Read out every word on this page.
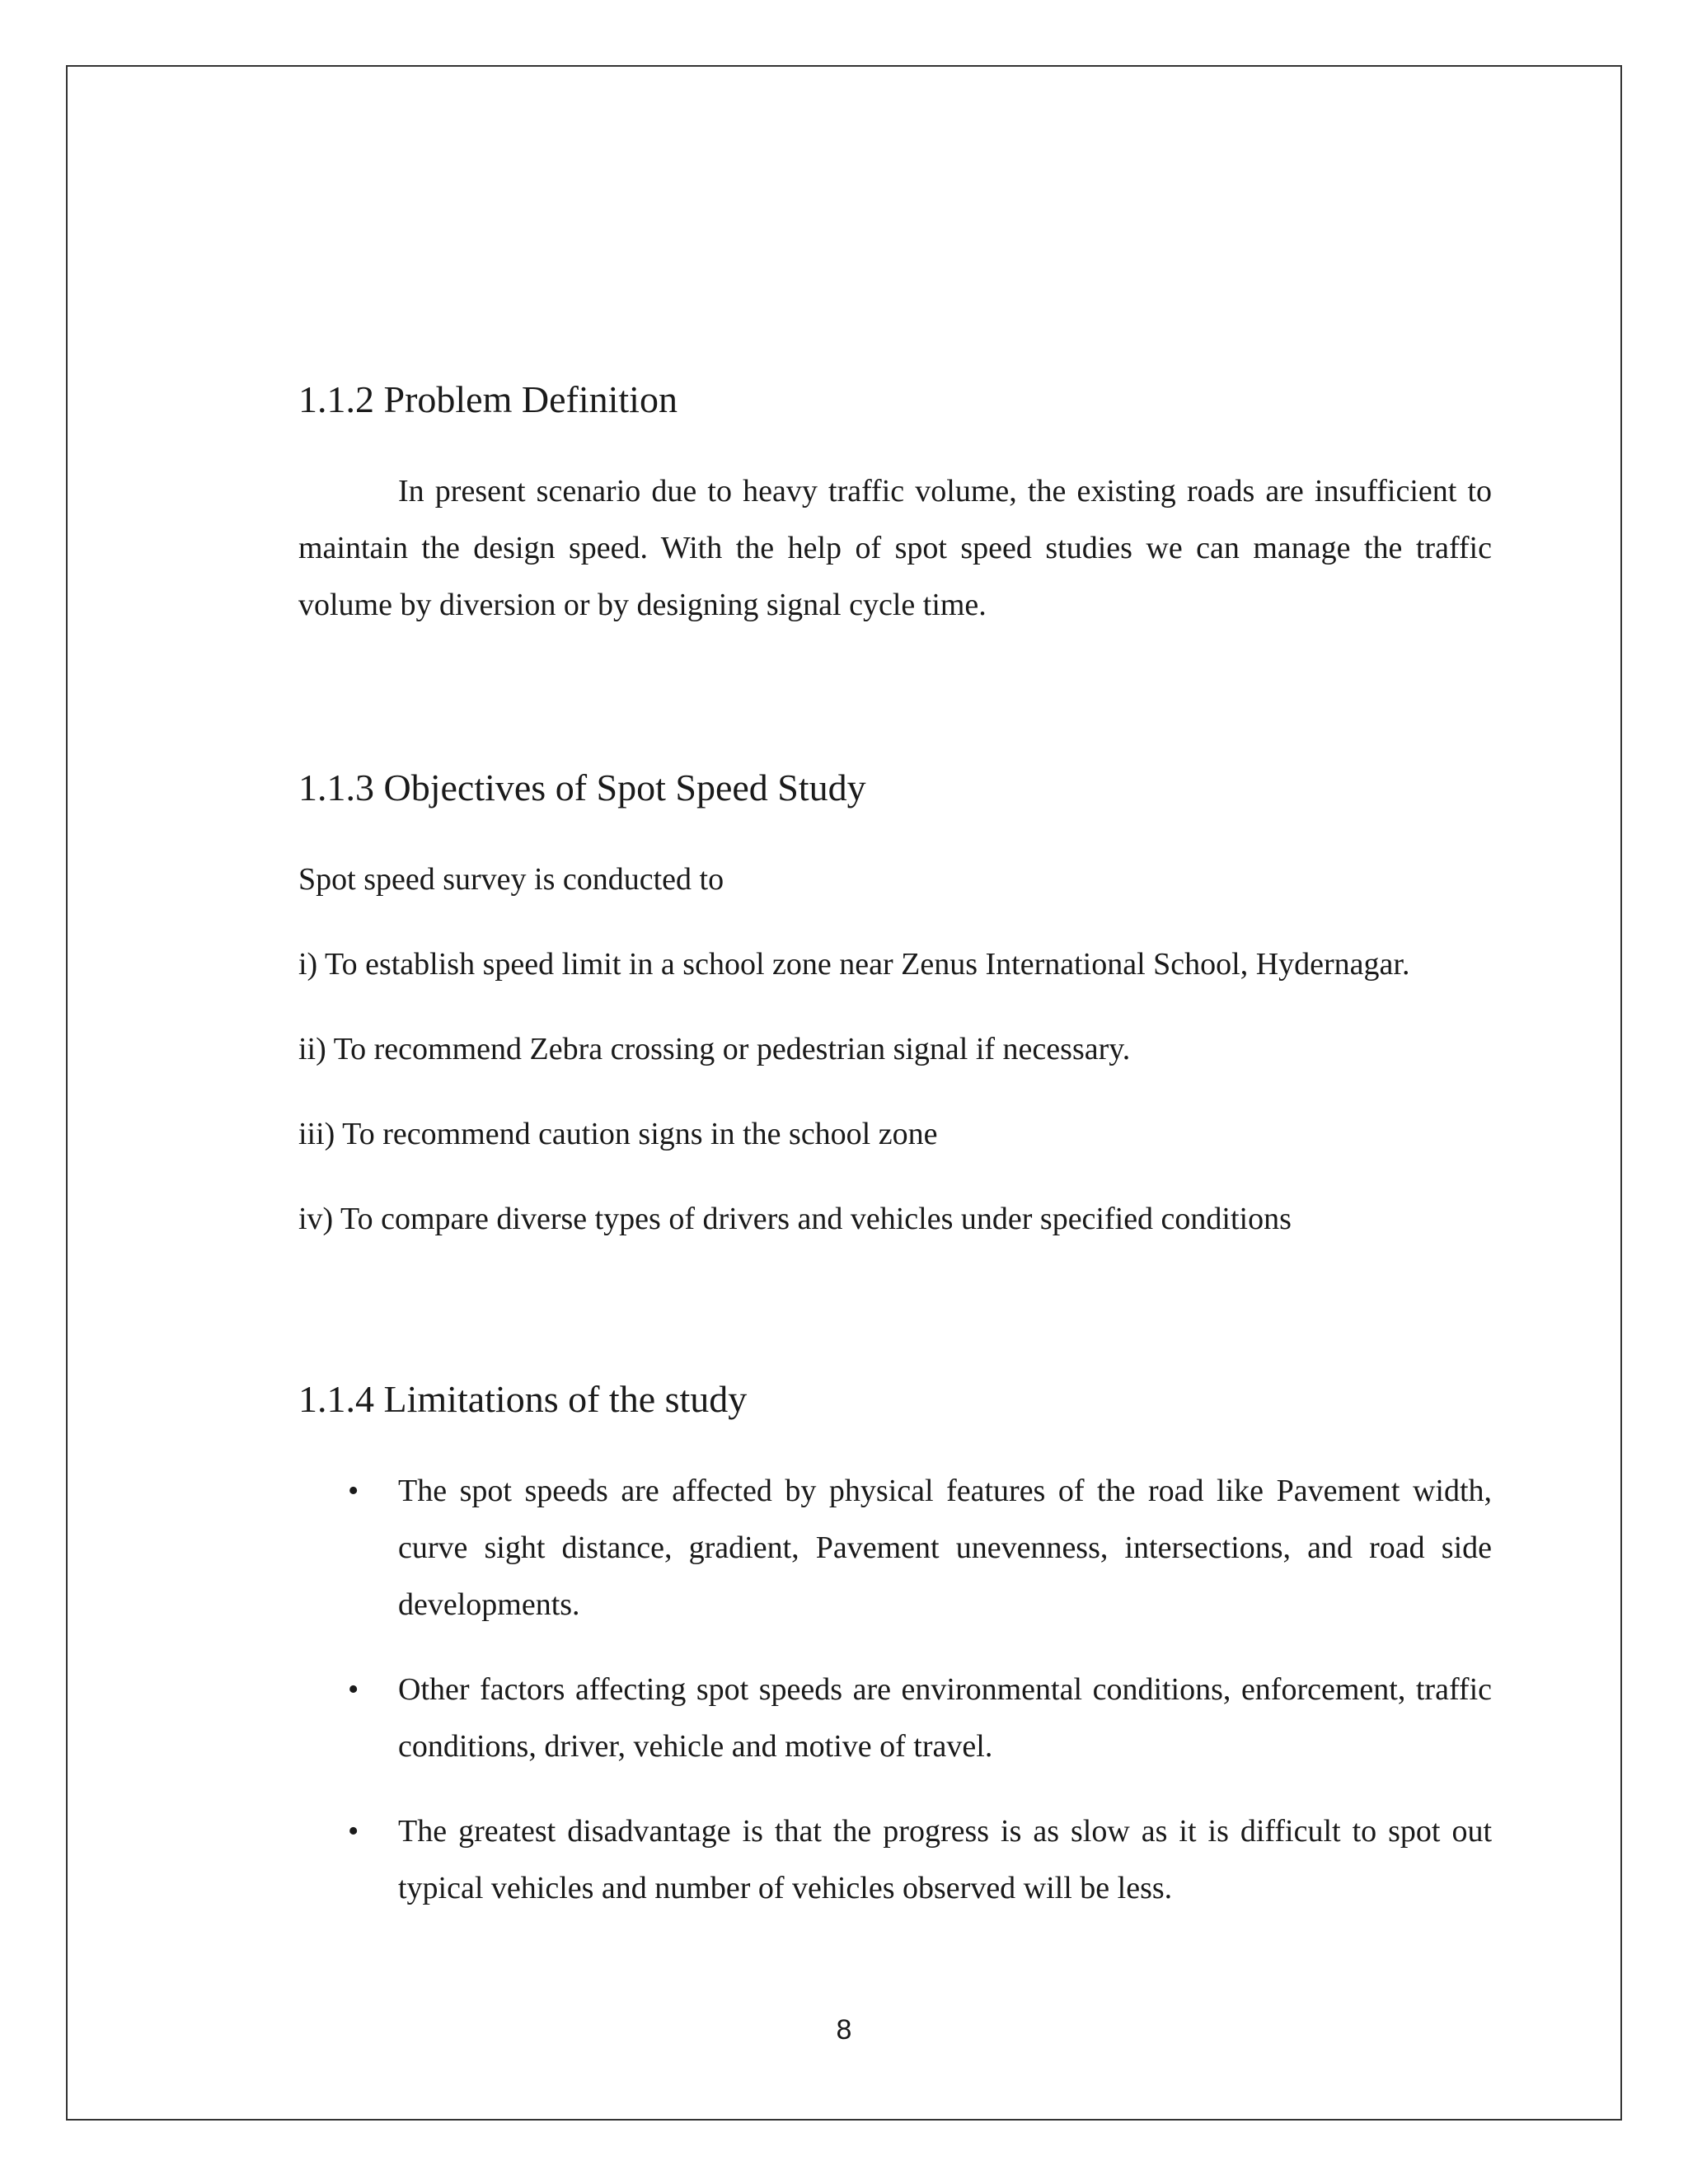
1.1.2 Problem Definition

In present scenario due to heavy traffic volume, the existing roads are insufficient to maintain the design speed. With the help of spot speed studies we can manage the traffic volume by diversion or by designing signal cycle time.

1.1.3 Objectives of Spot Speed Study

Spot speed survey is conducted to

i) To establish speed limit in a school zone near Zenus International School, Hydernagar.

ii) To recommend Zebra crossing or pedestrian signal if necessary.

iii) To recommend caution signs in the school zone

iv) To compare diverse types of drivers and vehicles under specified conditions

1.1.4 Limitations of the study
• The spot speeds are affected by physical features of the road like Pavement width, curve sight distance, gradient, Pavement unevenness, intersections, and road side developments.
• Other factors affecting spot speeds are environmental conditions, enforcement, traffic conditions, driver, vehicle and motive of travel.
• The greatest disadvantage is that the progress is as slow as it is difficult to spot out typical vehicles and number of vehicles observed will be less.
8
